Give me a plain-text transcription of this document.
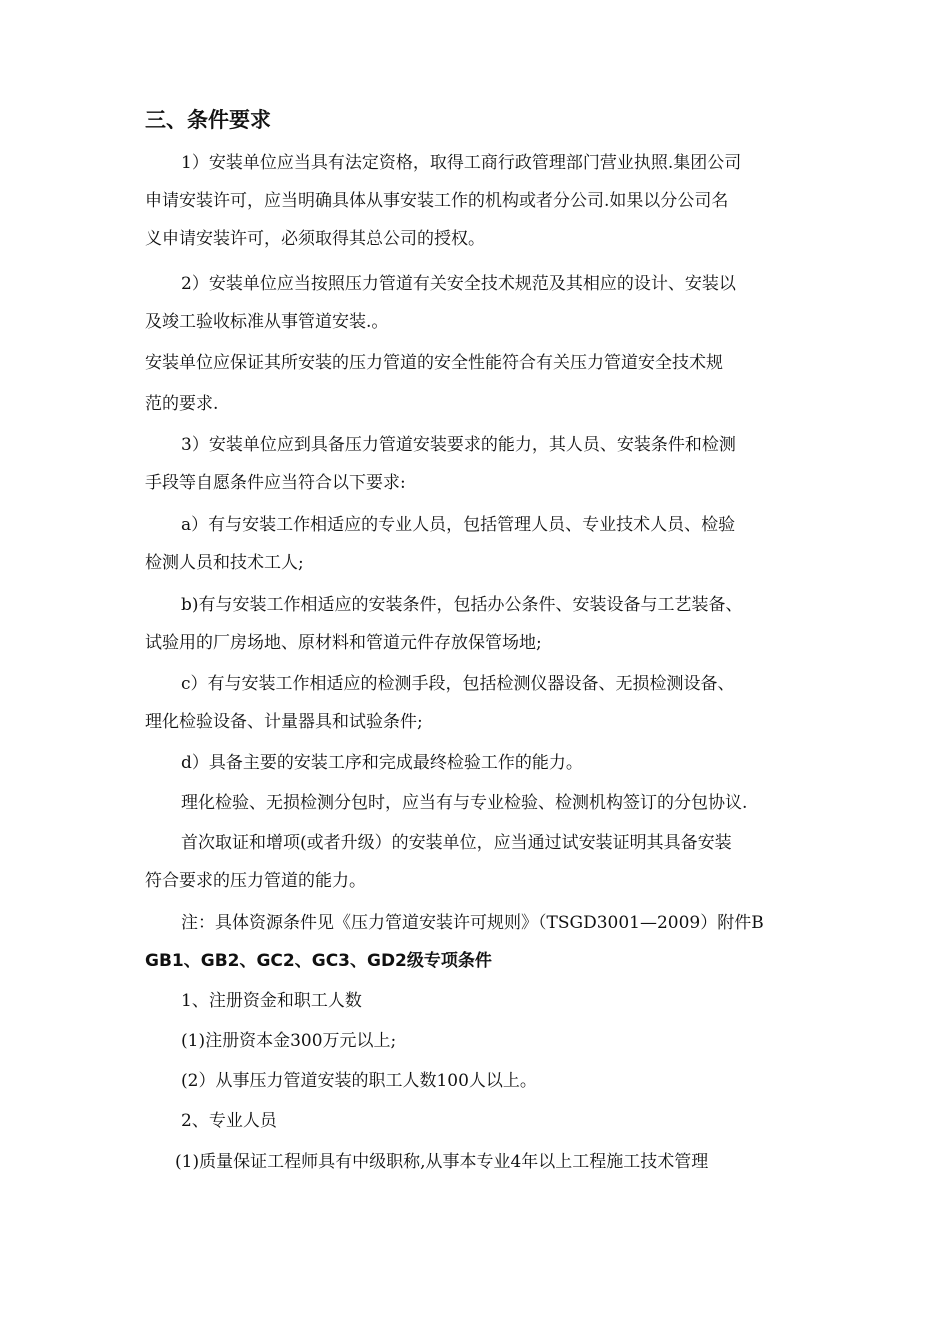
三、条件要求
1）安装单位应当具有法定资格，取得工商行政管理部门营业执照.集团公司
申请安装许可，应当明确具体从事安装工作的机构或者分公司.如果以分公司名
义申请安装许可，必须取得其总公司的授权。
2）安装单位应当按照压力管道有关安全技术规范及其相应的设计、安装以
及竣工验收标准从事管道安装.。
安装单位应保证其所安装的压力管道的安全性能符合有关压力管道安全技术规
范的要求.
3）安装单位应到具备压力管道安装要求的能力，其人员、安装条件和检测
手段等自愿条件应当符合以下要求:
a）有与安装工作相适应的专业人员，包括管理人员、专业技术人员、检验
检测人员和技术工人;
b)有与安装工作相适应的安装条件，包括办公条件、安装设备与工艺装备、
试验用的厂房场地、原材料和管道元件存放保管场地;
c）有与安装工作相适应的检测手段，包括检测仪器设备、无损检测设备、
理化检验设备、计量器具和试验条件;
d）具备主要的安装工序和完成最终检验工作的能力。
理化检验、无损检测分包时，应当有与专业检验、检测机构签订的分包协议.
首次取证和增项(或者升级）的安装单位，应当通过试安装证明其具备安装
符合要求的压力管道的能力。
注：具体资源条件见《压力管道安装许可规则》（TSGD3001—2009）附件B
GB1、GB2、GC2、GC3、GD2级专项条件
1、注册资金和职工人数
(1)注册资本金300万元以上;
(2）从事压力管道安装的职工人数100人以上。
2、专业人员
(1)质量保证工程师具有中级职称,从事本专业4年以上工程施工技术管理
